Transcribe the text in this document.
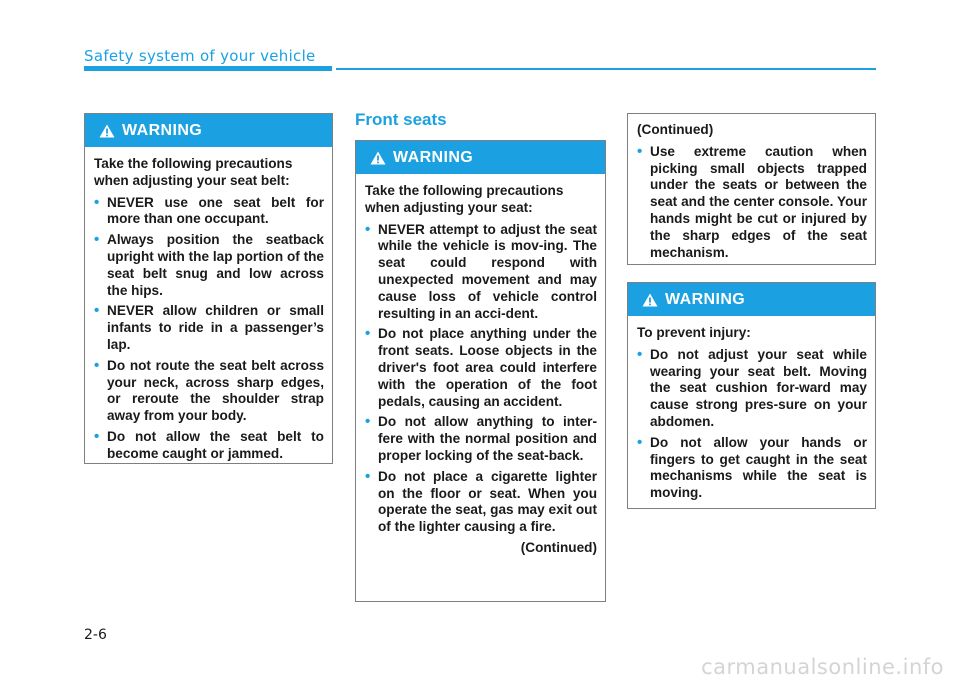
Safety system of your vehicle
WARNING

Take the following precautions when adjusting your seat belt:

• NEVER use one seat belt for more than one occupant.
• Always position the seatback upright with the lap portion of the seat belt snug and low across the hips.
• NEVER allow children or small infants to ride in a passenger’s lap.
• Do not route the seat belt across your neck, across sharp edges, or reroute the shoulder strap away from your body.
• Do not allow the seat belt to become caught or jammed.
Front seats
WARNING

Take the following precautions when adjusting your seat:

• NEVER attempt to adjust the seat while the vehicle is mov-ing. The seat could respond with unexpected movement and may cause loss of vehicle control resulting in an acci-dent.
• Do not place anything under the front seats. Loose objects in the driver's foot area could interfere with the operation of the foot pedals, causing an accident.
• Do not allow anything to inter-fere with the normal position and proper locking of the seat-back.
• Do not place a cigarette lighter on the floor or seat. When you operate the seat, gas may exit out of the lighter causing a fire.
(Continued)

(Continued)

• Use extreme caution when picking small objects trapped under the seats or between the seat and the center console. Your hands might be cut or injured by the sharp edges of the seat mechanism.
WARNING

To prevent injury:

• Do not adjust your seat while wearing your seat belt. Moving the seat cushion for-ward may cause strong pres-sure on your abdomen.
• Do not allow your hands or fingers to get caught in the seat mechanisms while the seat is moving.
2-6
carmanualsonline.info
